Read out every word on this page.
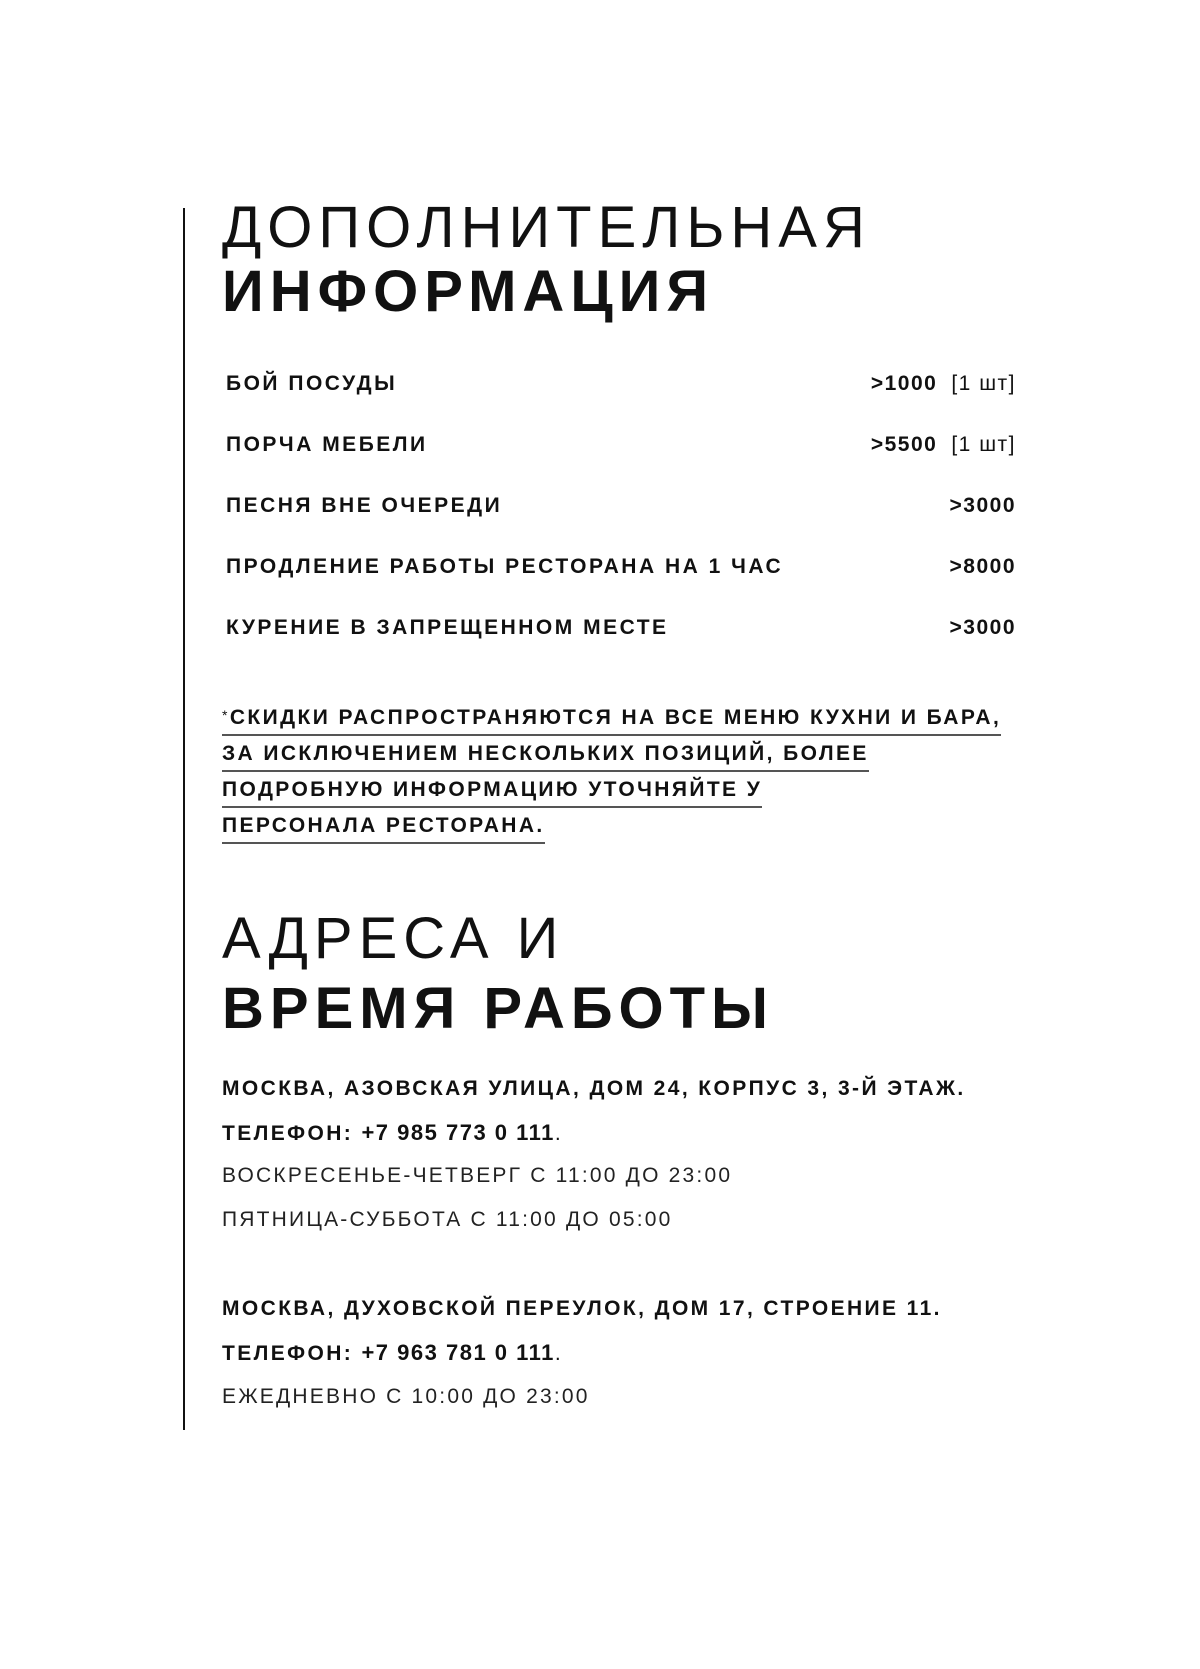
ДОПОЛНИТЕЛЬНАЯ
ИНФОРМАЦИЯ
БОЙ ПОСУДЫ	>1000 [1 шт]
ПОРЧА МЕБЕЛИ	>5500 [1 шт]
ПЕСНЯ ВНЕ ОЧЕРЕДИ	>3000
ПРОДЛЕНИЕ РАБОТЫ РЕСТОРАНА НА 1 ЧАС	>8000
КУРЕНИЕ В ЗАПРЕЩЕННОМ МЕСТЕ	>3000
*СКИДКИ РАСПРОСТРАНЯЮТСЯ НА ВСЕ МЕНЮ КУХНИ И БАРА,
ЗА ИСКЛЮЧЕНИЕМ НЕСКОЛЬКИХ ПОЗИЦИЙ, БОЛЕЕ
ПОДРОБНУЮ ИНФОРМАЦИЮ УТОЧНЯЙТЕ У
ПЕРСОНАЛА РЕСТОРАНА.
АДРЕСА И
ВРЕМЯ РАБОТЫ
МОСКВА, АЗОВСКАЯ УЛИЦА, ДОМ 24, КОРПУС 3, 3-Й ЭТАЖ.
ТЕЛЕФОН: +7 985 773 0 111.
ВОСКРЕСЕНЬЕ-ЧЕТВЕРГ С 11:00 ДО 23:00
ПЯТНИЦА-СУББОТА С 11:00 ДО 05:00
МОСКВА, ДУХОВСКОЙ ПЕРЕУЛОК, ДОМ 17, СТРОЕНИЕ 11.
ТЕЛЕФОН: +7 963 781 0 111.
ЕЖЕДНЕВНО С 10:00 ДО 23:00
